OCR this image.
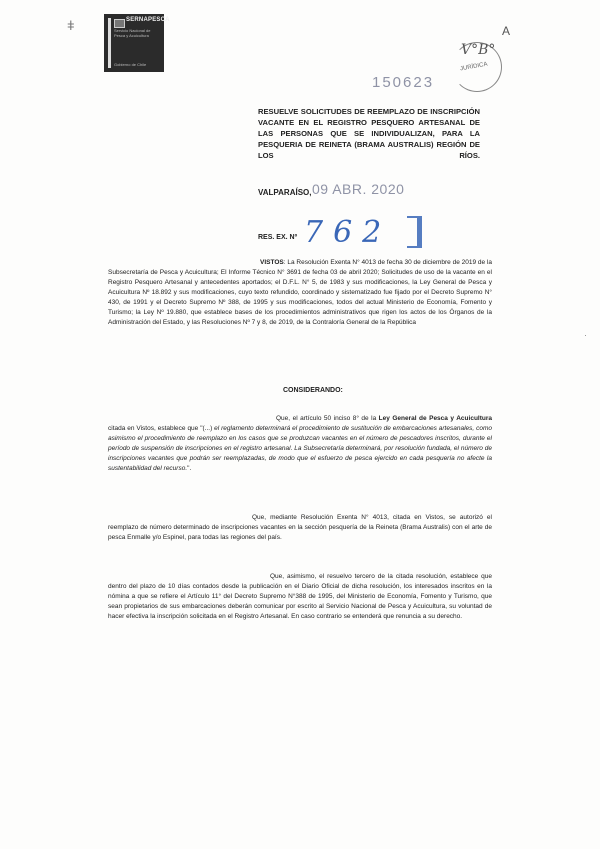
ǂ	SERNAPESCA
Servicio Nacional de Pesca y Acuicultura
Gobierno de Chile
150623
V°B°
JURÍDICA
A
RESUELVE SOLICITUDES DE REEMPLAZO DE INSCRIPCIÓN VACANTE EN EL REGISTRO PESQUERO ARTESANAL DE LAS PERSONAS QUE SE INDIVIDUALIZAN, PARA LA PESQUERIA DE REINETA (BRAMA AUSTRALIS) REGIÓN DE LOS RÍOS.
VALPARAÍSO, 09 ABR. 2020
RES. EX. Nº 762
VISTOS: La Resolución Exenta N° 4013 de fecha 30 de diciembre de 2019 de la Subsecretaría de Pesca y Acuicultura; El Informe Técnico N° 3691 de fecha 03 de abril 2020; Solicitudes de uso de la vacante en el Registro Pesquero Artesanal y antecedentes aportados; el D.F.L. N° 5, de 1983 y sus modificaciones, la Ley General de Pesca y Acuicultura Nº 18.892 y sus modificaciones, cuyo texto refundido, coordinado y sistematizado fue fijado por el Decreto Supremo N° 430, de 1991 y el Decreto Supremo Nº 388, de 1995 y sus modificaciones, todos del actual Ministerio de Economía, Fomento y Turismo; la Ley Nº 19.880, que establece bases de los procedimientos administrativos que rigen los actos de los Órganos de la Administración del Estado, y las Resoluciones Nº 7 y 8, de 2019, de la Contraloría General de la República
·
CONSIDERANDO:
Que, el artículo 50 inciso 8° de la Ley General de Pesca y Acuicultura citada en Vistos, establece que "(...) el reglamento determinará el procedimiento de sustitución de embarcaciones artesanales, como asimismo el procedimiento de reemplazo en los casos que se produzcan vacantes en el número de pescadores inscritos, durante el período de suspensión de inscripciones en el registro artesanal. La Subsecretaría determinará, por resolución fundada, el número de inscripciones vacantes que podrán ser reemplazadas, de modo que el esfuerzo de pesca ejercido en cada pesquería no afecte la sustentabilidad del recurso.".
Que, mediante Resolución Exenta N° 4013, citada en Vistos, se autorizó el reemplazo de número determinado de inscripciones vacantes en la sección pesquería de la Reineta (Brama Australis) con el arte de pesca Enmalle y/o Espinel, para todas las regiones del país.
Que, asimismo, el resuelvo tercero de la citada resolución, establece que dentro del plazo de 10 días contados desde la publicación en el Diario Oficial de dicha resolución, los interesados inscritos en la nómina a que se refiere el Artículo 11° del Decreto Supremo N°388 de 1995, del Ministerio de Economía, Fomento y Turismo, que sean propietarios de sus embarcaciones deberán comunicar por escrito al Servicio Nacional de Pesca y Acuicultura, su voluntad de hacer efectiva la inscripción solicitada en el Registro Artesanal. En caso contrario se entenderá que renuncia a su derecho.
